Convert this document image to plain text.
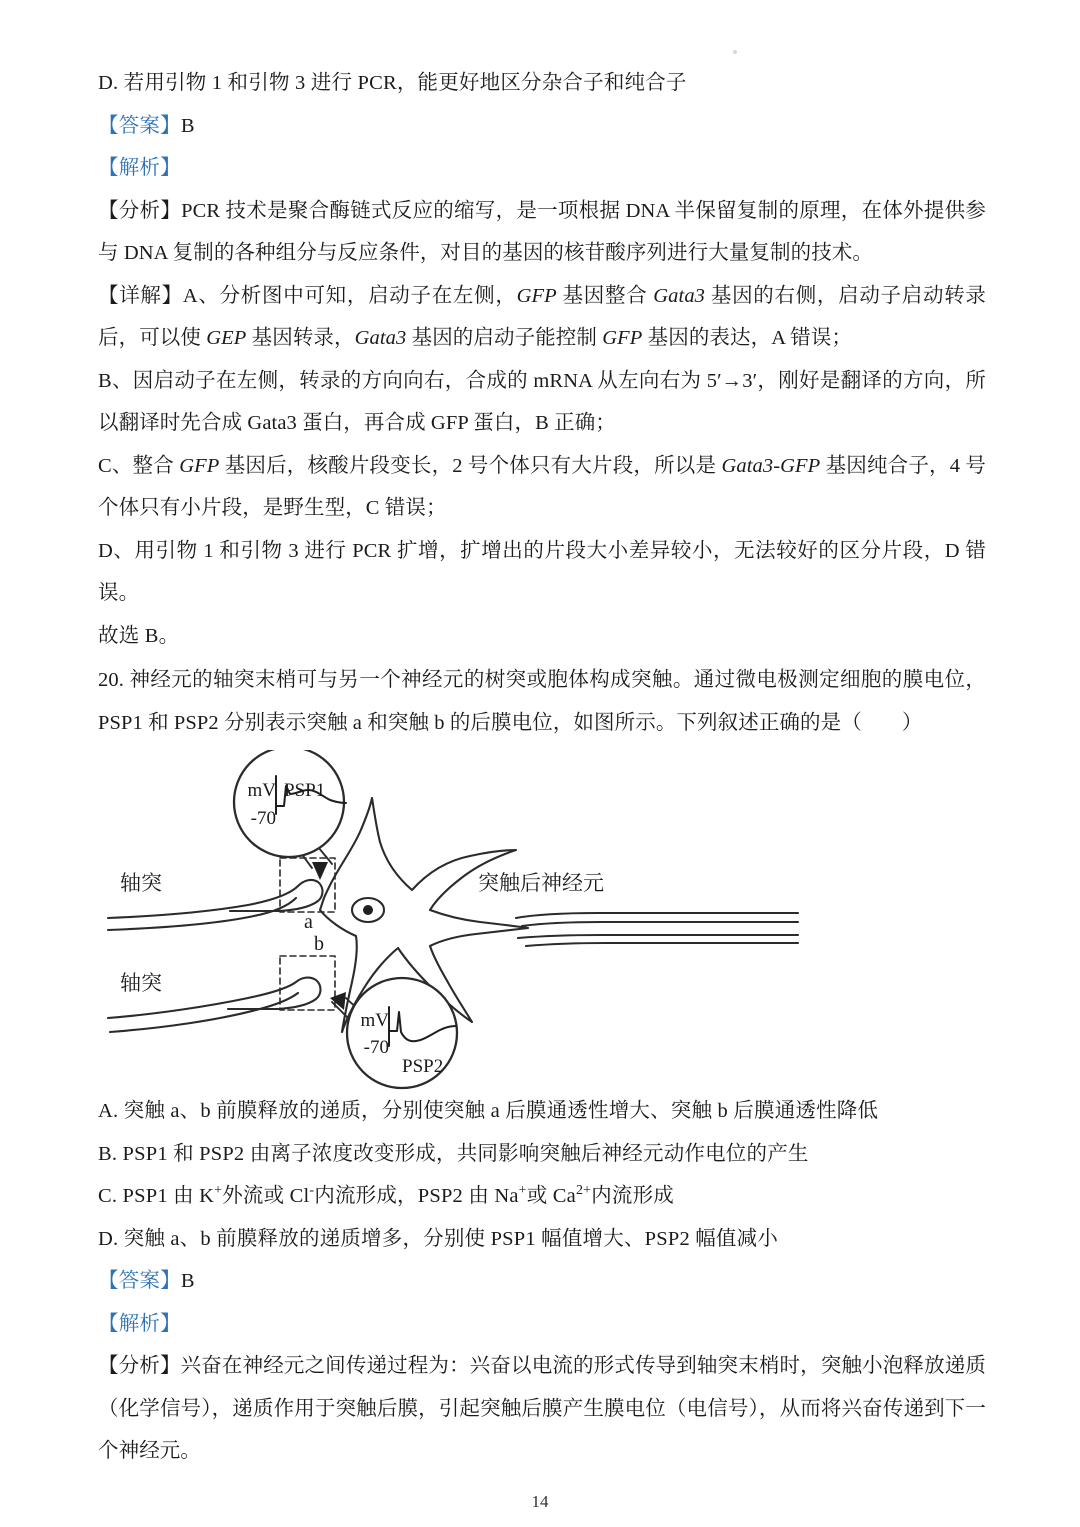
D. 若用引物 1 和引物 3 进行 PCR，能更好地区分杂合子和纯合子
【答案】B
【解析】
【分析】PCR 技术是聚合酶链式反应的缩写，是一项根据 DNA 半保留复制的原理，在体外提供参与 DNA 复制的各种组分与反应条件，对目的基因的核苷酸序列进行大量复制的技术。
【详解】A、分析图中可知，启动子在左侧，GFP 基因整合 Gata3 基因的右侧，启动子启动转录后，可以使 GEP 基因转录，Gata3 基因的启动子能控制 GFP 基因的表达，A 错误；
B、因启动子在左侧，转录的方向向右，合成的 mRNA 从左向右为 5′→3′，刚好是翻译的方向，所以翻译时先合成 Gata3 蛋白，再合成 GFP 蛋白，B 正确；
C、整合 GFP 基因后，核酸片段变长，2 号个体只有大片段，所以是 Gata3-GFP 基因纯合子，4 号个体只有小片段，是野生型，C 错误；
D、用引物 1 和引物 3 进行 PCR 扩增，扩增出的片段大小差异较小，无法较好的区分片段，D 错误。
故选 B。
20. 神经元的轴突末梢可与另一个神经元的树突或胞体构成突触。通过微电极测定细胞的膜电位，PSP1 和 PSP2 分别表示突触 a 和突触 b 的后膜电位，如图所示。下列叙述正确的是（ ）
mV
-70
PSP1
mV
-70
PSP2
轴突
轴突
突触后神经元
a
b
A. 突触 a、b 前膜释放的递质，分别使突触 a 后膜通透性增大、突触 b 后膜通透性降低
B. PSP1 和 PSP2 由离子浓度改变形成，共同影响突触后神经元动作电位的产生
C. PSP1 由 K+外流或 Cl-内流形成，PSP2 由 Na+或 $Ca^{2+}$内流形成
D. 突触 a、b 前膜释放的递质增多，分别使 PSP1 幅值增大、PSP2 幅值减小
【答案】B
【解析】
【分析】兴奋在神经元之间传递过程为：兴奋以电流的形式传导到轴突末梢时，突触小泡释放递质（化学信号），递质作用于突触后膜，引起突触后膜产生膜电位（电信号），从而将兴奋传递到下一个神经元。
14
